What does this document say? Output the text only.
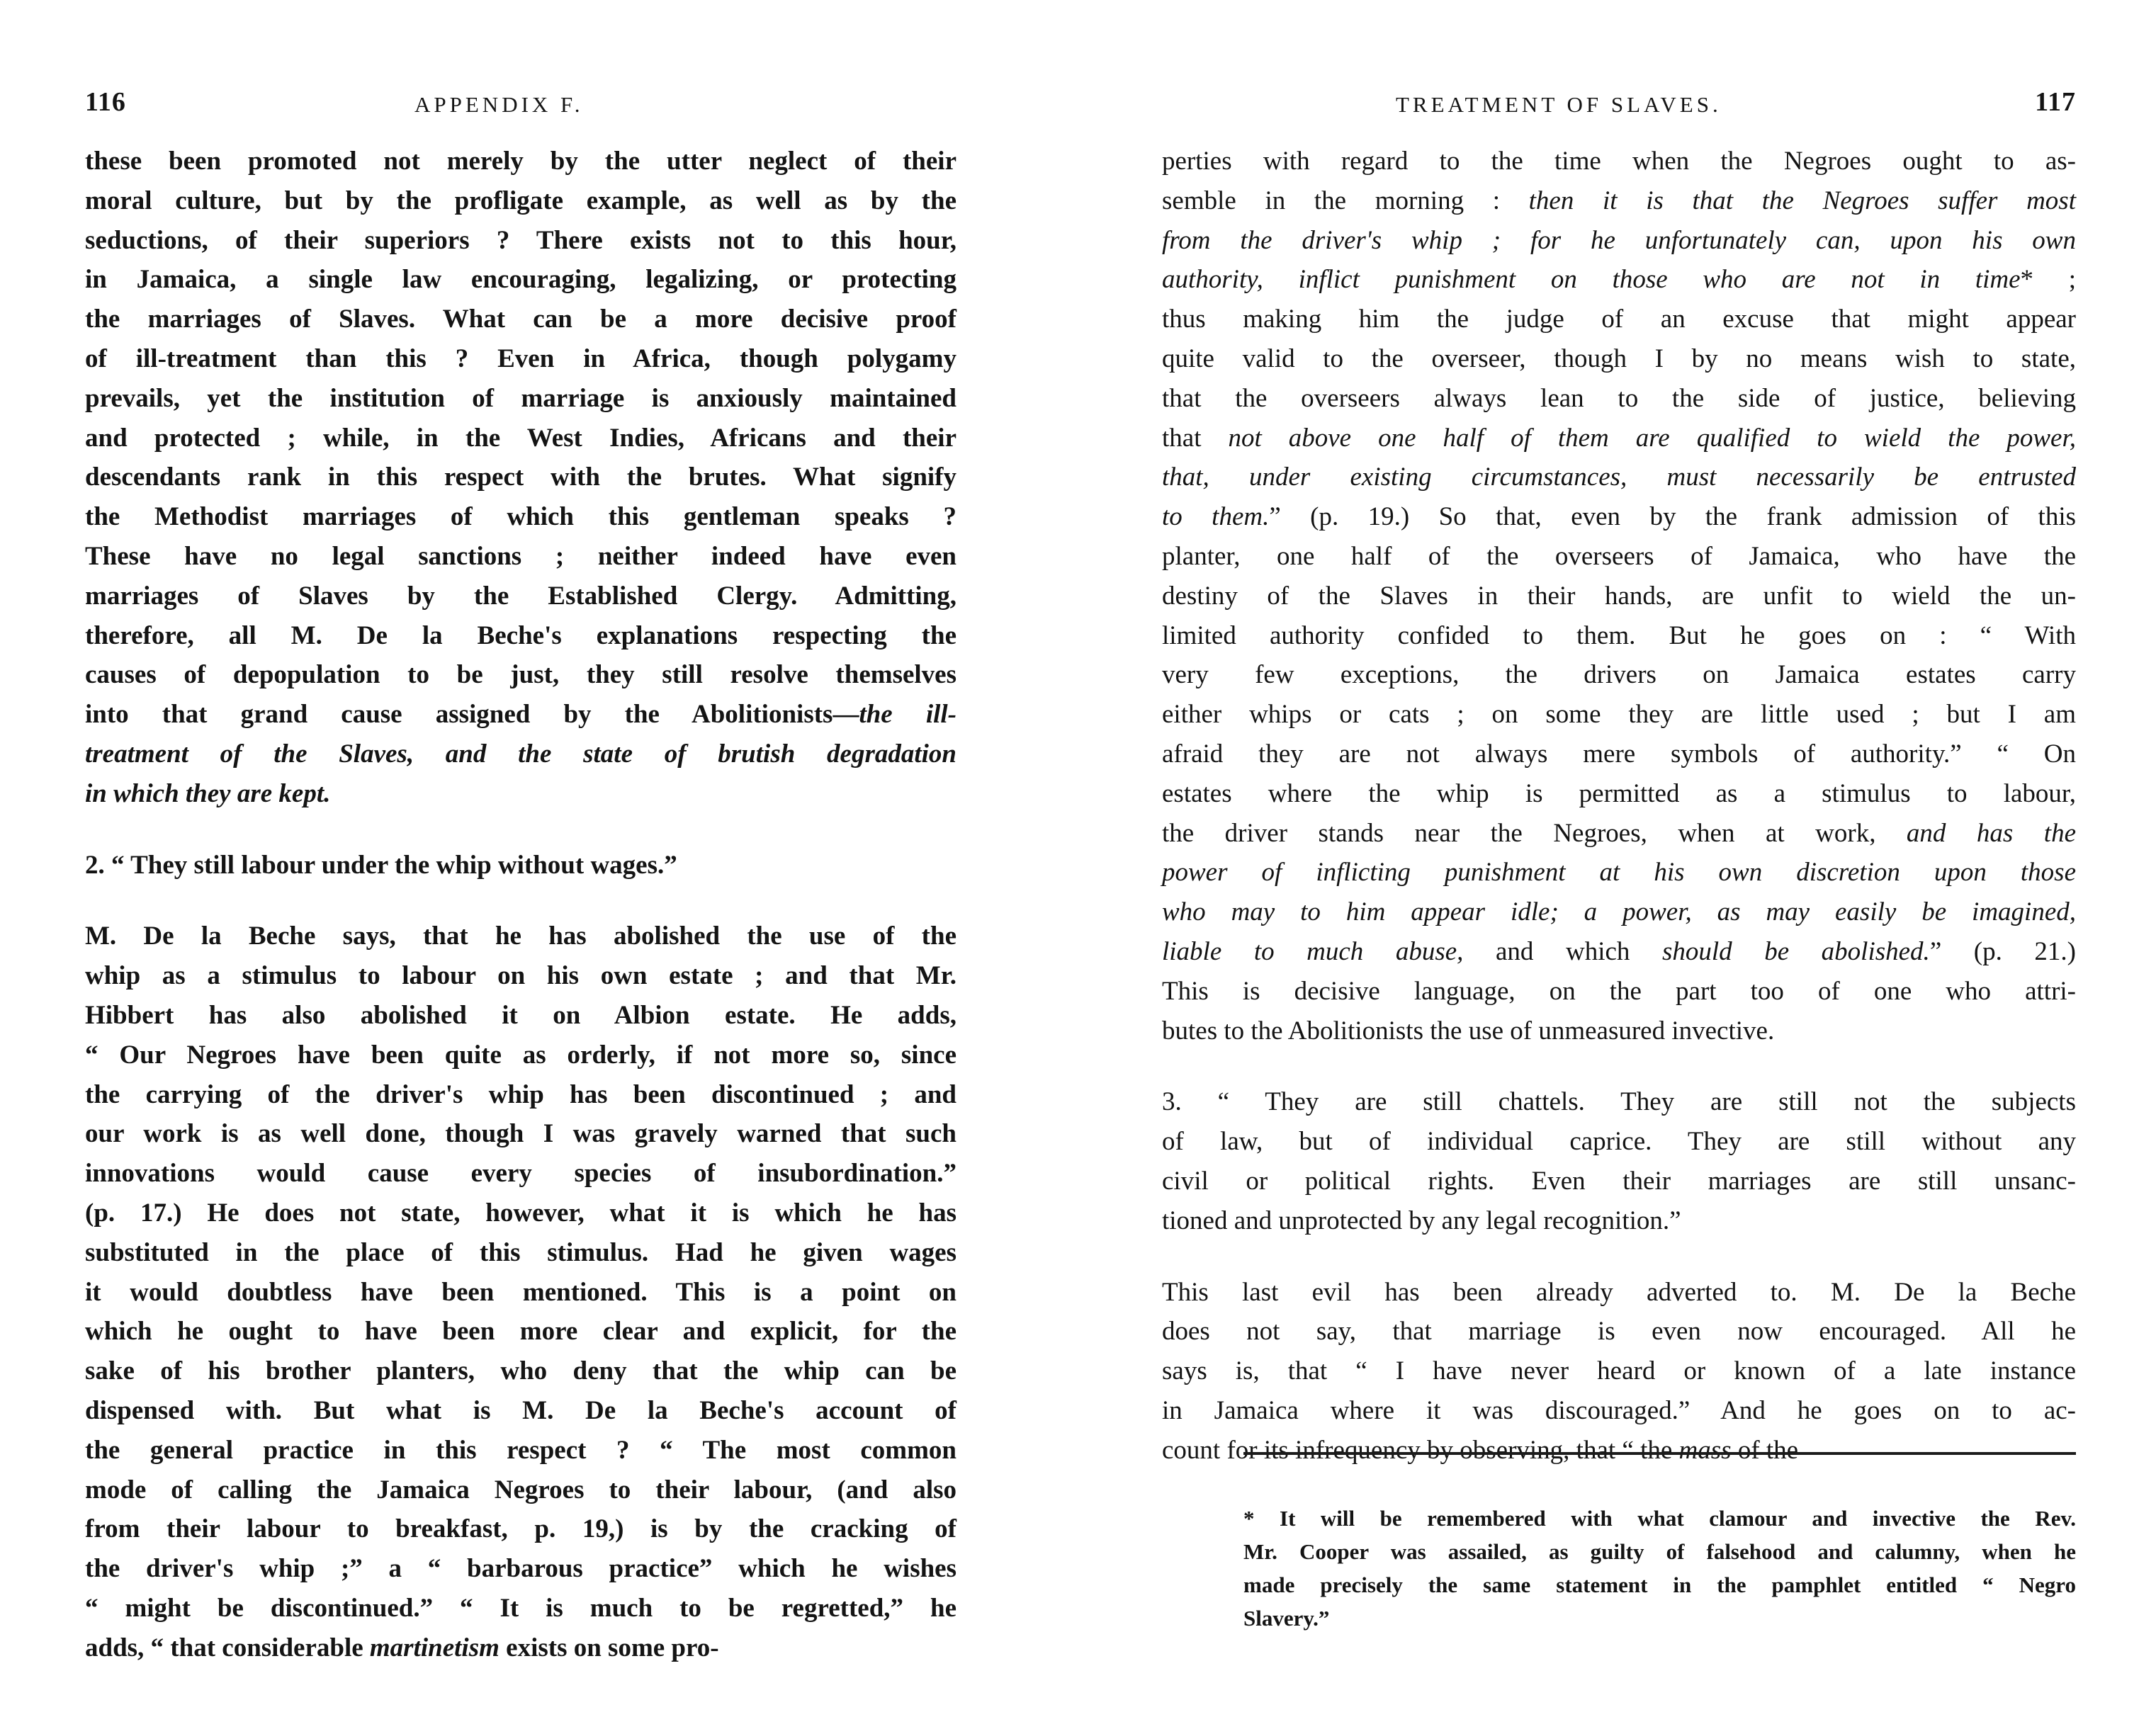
116	APPENDIX F.
these been promoted not merely by the utter neglect of their
moral culture, but by the profligate example, as well as by the
seductions, of their superiors ? There exists not to this hour,
in Jamaica, a single law encouraging, legalizing, or protecting
the marriages of Slaves. What can be a more decisive proof
of ill-treatment than this ? Even in Africa, though polygamy
prevails, yet the institution of marriage is anxiously maintained
and protected ; while, in the West Indies, Africans and their
descendants rank in this respect with the brutes. What signify
the Methodist marriages of which this gentleman speaks ?
These have no legal sanctions ; neither indeed have even
marriages of Slaves by the Established Clergy. Admitting,
therefore, all M. De la Beche's explanations respecting the
causes of depopulation to be just, they still resolve themselves
into that grand cause assigned by the Abolitionists—the ill-
treatment of the Slaves, and the state of brutish degradation
in which they are kept.
2. “ They still labour under the whip without wages.”
M. De la Beche says, that he has abolished the use of the
whip as a stimulus to labour on his own estate ; and that Mr.
Hibbert has also abolished it on Albion estate. He adds,
“ Our Negroes have been quite as orderly, if not more so, since
the carrying of the driver's whip has been discontinued ; and
our work is as well done, though I was gravely warned that such
innovations would cause every species of insubordination.”
(p. 17.) He does not state, however, what it is which he has
substituted in the place of this stimulus. Had he given wages
it would doubtless have been mentioned. This is a point on
which he ought to have been more clear and explicit, for the
sake of his brother planters, who deny that the whip can be
dispensed with. But what is M. De la Beche's account of
the general practice in this respect ? “ The most common
mode of calling the Jamaica Negroes to their labour, (and also
from their labour to breakfast, p. 19,) is by the cracking of
the driver's whip ;” a “ barbarous practice” which he wishes
“ might be discontinued.” “ It is much to be regretted,” he
adds, “ that considerable martinetism exists on some pro-
TREATMENT OF SLAVES.	117
perties with regard to the time when the Negroes ought to as-
semble in the morning : then it is that the Negroes suffer most
from the driver's whip ; for he unfortunately can, upon his own
authority, inflict punishment on those who are not in time* ;
thus making him the judge of an excuse that might appear
quite valid to the overseer, though I by no means wish to state,
that the overseers always lean to the side of justice, believing
that not above one half of them are qualified to wield the power,
that, under existing circumstances, must necessarily be entrusted
to them.” (p. 19.) So that, even by the frank admission of this
planter, one half of the overseers of Jamaica, who have the
destiny of the Slaves in their hands, are unfit to wield the un-
limited authority confided to them. But he goes on : “ With
very few exceptions, the drivers on Jamaica estates carry
either whips or cats ; on some they are little used ; but I am
afraid they are not always mere symbols of authority.” “ On
estates where the whip is permitted as a stimulus to labour,
the driver stands near the Negroes, when at work, and has the
power of inflicting punishment at his own discretion upon those
who may to him appear idle; a power, as may easily be imagined,
liable to much abuse, and which should be abolished.” (p. 21.)
This is decisive language, on the part too of one who attri-
butes to the Abolitionists the use of unmeasured invective.
3. “ They are still chattels. They are still not the subjects
of law, but of individual caprice. They are still without any
civil or political rights. Even their marriages are still unsanc-
tioned and unprotected by any legal recognition.”
This last evil has been already adverted to. M. De la Beche
does not say, that marriage is even now encouraged. All he
says is, that “ I have never heard or known of a late instance
in Jamaica where it was discouraged.” And he goes on to ac-
count for its infrequency by observing, that “ the mass of the
* It will be remembered with what clamour and invective the Rev.
Mr. Cooper was assailed, as guilty of falsehood and calumny, when he
made precisely the same statement in the pamphlet entitled “ Negro
Slavery.”
